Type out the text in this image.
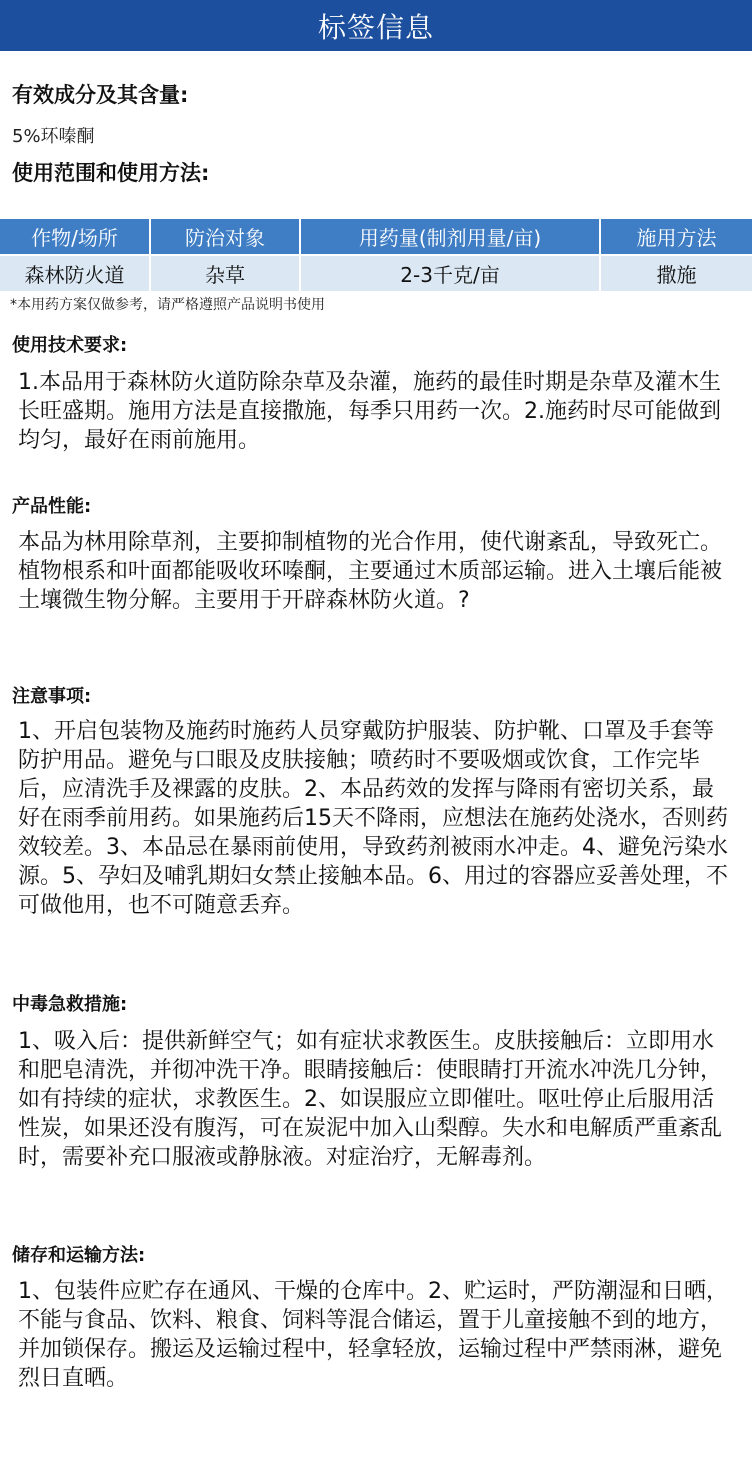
标签信息
有效成分及其含量:
5%环嗪酮
使用范围和使用方法:
作物/场所	防治对象	用药量(制剂用量/亩)	施用方法
森林防火道	杂草	2-3千克/亩	撒施
*本用药方案仅做参考，请严格遵照产品说明书使用
使用技术要求:

1.本品用于森林防火道防除杂草及杂灌，施药的最佳时期是杂草及灌木生长旺盛期。施用方法是直接撒施，每季只用药一次。2.施药时尽可能做到均匀，最好在雨前施用。

产品性能:

本品为林用除草剂，主要抑制植物的光合作用，使代谢紊乱，导致死亡。植物根系和叶面都能吸收环嗪酮，主要通过木质部运输。进入土壤后能被土壤微生物分解。主要用于开辟森林防火道。?

注意事项:

1、开启包装物及施药时施药人员穿戴防护服装、防护靴、口罩及手套等防护用品。避免与口眼及皮肤接触；喷药时不要吸烟或饮食，工作完毕后，应清洗手及裸露的皮肤。2、本品药效的发挥与降雨有密切关系，最好在雨季前用药。如果施药后15天不降雨，应想法在施药处浇水，否则药效较差。3、本品忌在暴雨前使用，导致药剂被雨水冲走。4、避免污染水源。5、孕妇及哺乳期妇女禁止接触本品。6、用过的容器应妥善处理，不可做他用，也不可随意丢弃。

中毒急救措施:

1、吸入后：提供新鲜空气；如有症状求教医生。皮肤接触后：立即用水和肥皂清洗，并彻冲洗干净。眼睛接触后：使眼睛打开流水冲洗几分钟，如有持续的症状，求教医生。2、如误服应立即催吐。呕吐停止后服用活性炭，如果还没有腹泻，可在炭泥中加入山梨醇。失水和电解质严重紊乱时，需要补充口服液或静脉液。对症治疗，无解毒剂。

储存和运输方法:

1、包装件应贮存在通风、干燥的仓库中。2、贮运时，严防潮湿和日晒，不能与食品、饮料、粮食、饲料等混合储运，置于儿童接触不到的地方，并加锁保存。搬运及运输过程中，轻拿轻放，运输过程中严禁雨淋，避免烈日直晒。
